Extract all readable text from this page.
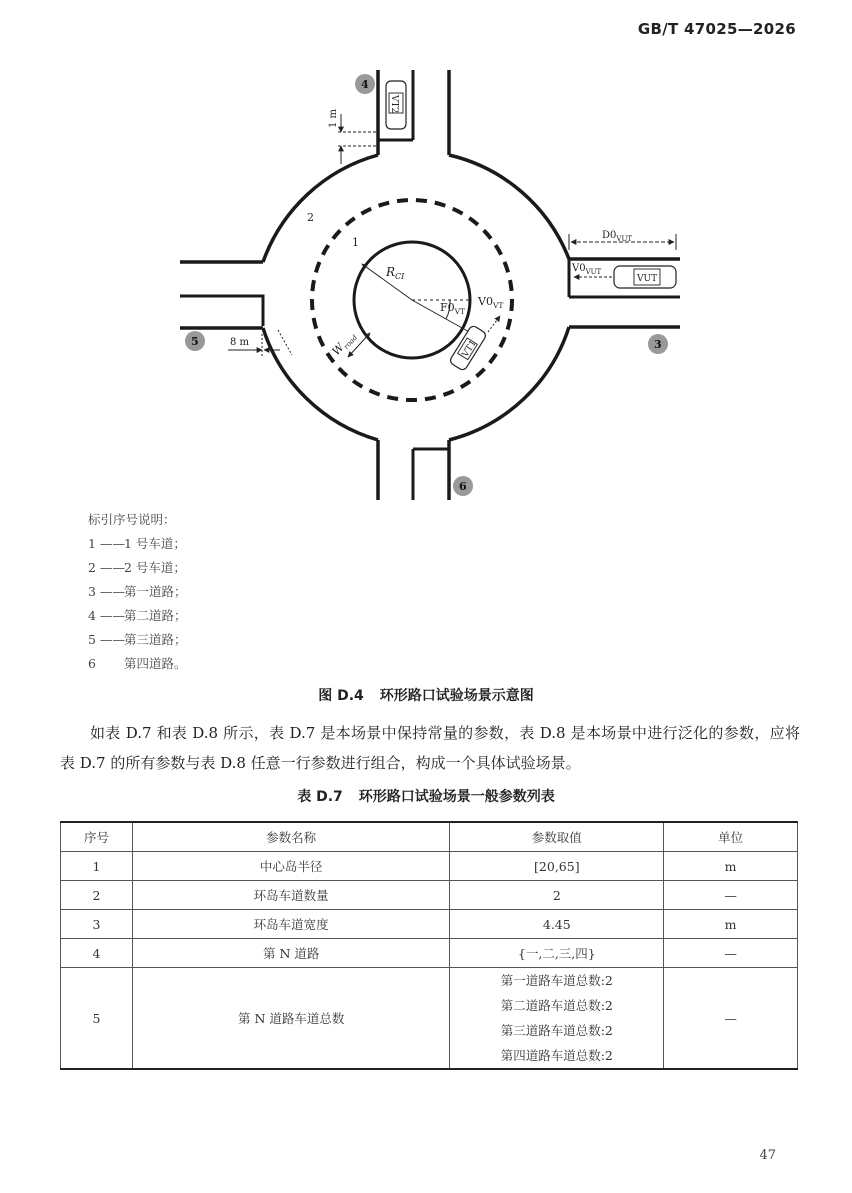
GB/T 47025—2026
$R_{CI}$
$F0_{VT}$
$W_{road}$
$V0_{VT}$
VT1
VT2
1 m
VUT
$V0_{VUT}$
$D0_{VUT}$
8 m
1
2
4
5	3
6
标引序号说明：
1 —— 1 号车道；
2 —— 2 号车道；
3 —— 第一道路；
4 —— 第二道路；
5 —— 第三道路；
6	第四道路。
图 D.4 环形路口试验场景示意图
如表 D.7 和表 D.8 所示，表 D.7 是本场景中保持常量的参数，表 D.8 是本场景中进行泛化的参数，应将表 D.7 的所有参数与表 D.8 任意一行参数进行组合，构成一个具体试验场景。
表 D.7 环形路口试验场景一般参数列表
序号	参数名称	参数取值	单位
1	中心岛半径	[20,65]	m
2	环岛车道数量	2	—
3	环岛车道宽度	4.45	m
4	第 N 道路	{一,二,三,四}	—
5	第 N 道路车道总数	第一道路车道总数:2
第二道路车道总数:2
第三道路车道总数:2
第四道路车道总数:2	—
47
